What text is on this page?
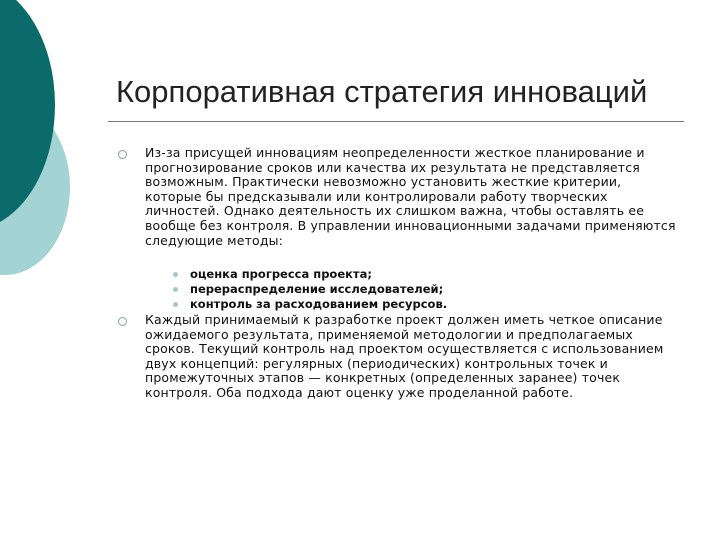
Корпоративная стратегия инноваций
Из-за присущей инновациям неопределенности жесткое планирование и прогнозирование сроков или качества их результата не представляется возможным. Практически невозможно установить жесткие критерии, которые бы предсказывали или контролировали работу творческих личностей. Однако деятельность их слишком важна, чтобы оставлять ее вообще без контроля. В управлении инновационными задачами применяются следующие методы:
оценка прогресса проекта;
перераспределение исследователей;
контроль за расходованием ресурсов.
Каждый принимаемый к разработке проект должен иметь четкое описание ожидаемого результата, применяемой методологии и предполагаемых сроков. Текущий контроль над проектом осуществляется с использованием двух концепций: регулярных (периодических) контрольных точек и промежуточных этапов — конкретных (определенных заранее) точек контроля. Оба подхода дают оценку уже проделанной работе.
